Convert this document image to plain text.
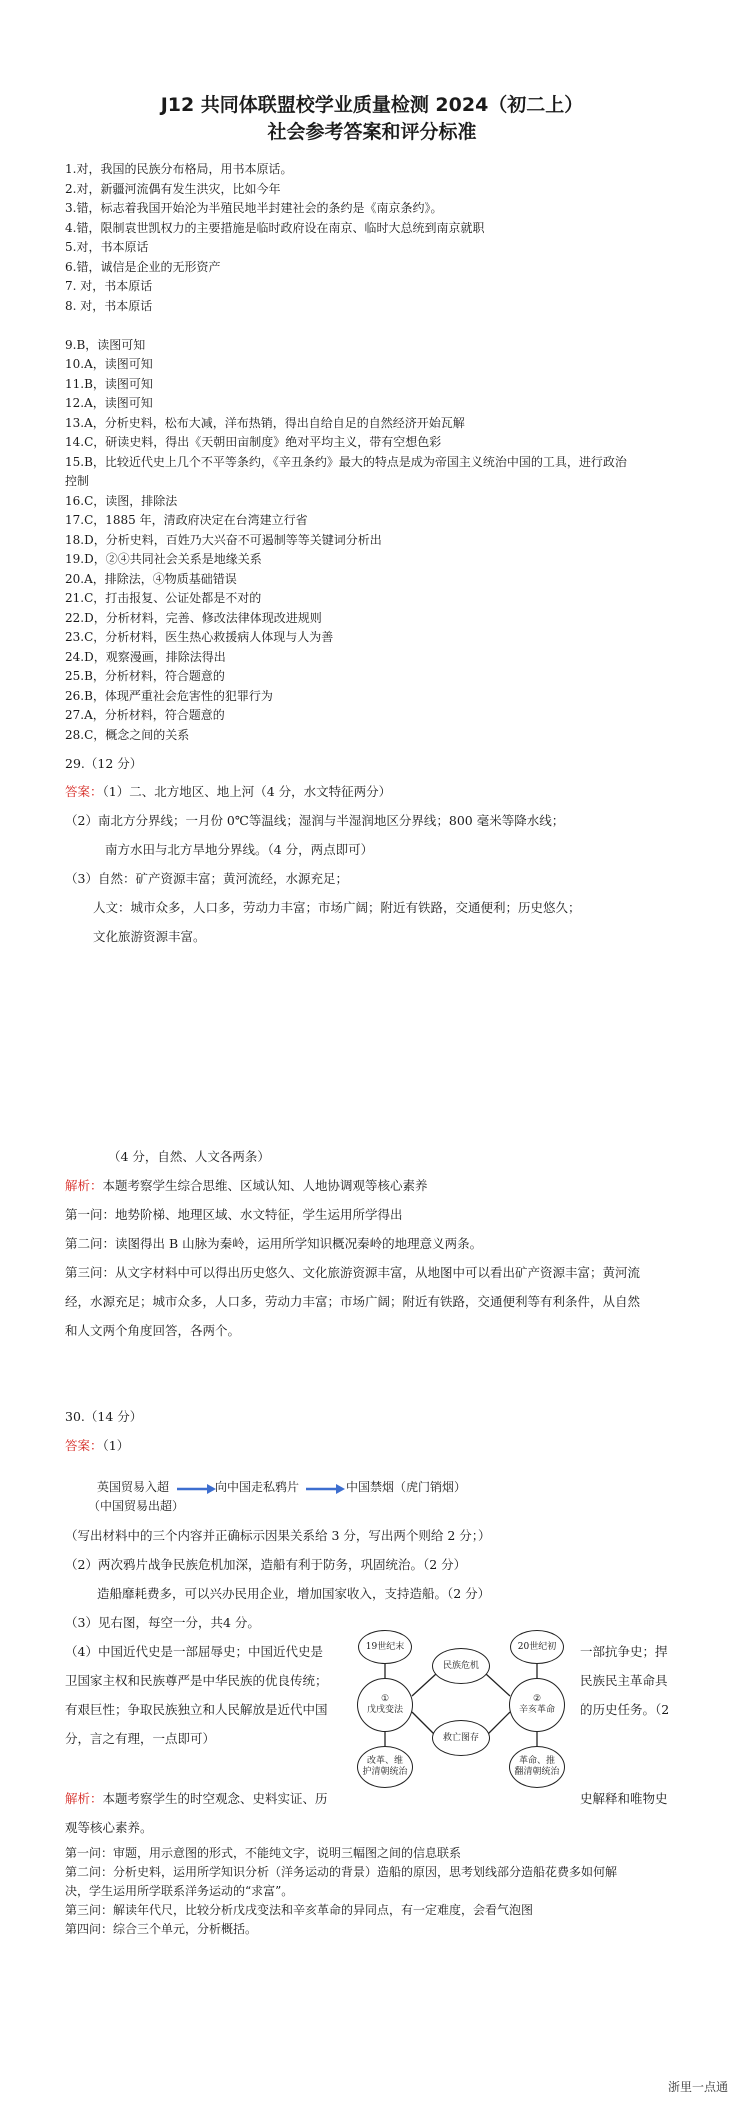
J12 共同体联盟校学业质量检测 2024（初二上）
社会参考答案和评分标准
1.对，我国的民族分布格局，用书本原话。
2.对，新疆河流偶有发生洪灾，比如今年
3.错，标志着我国开始沦为半殖民地半封建社会的条约是《南京条约》。
4.错，限制袁世凯权力的主要措施是临时政府设在南京、临时大总统到南京就职
5.对，书本原话
6.错，诚信是企业的无形资产
7. 对，书本原话
8. 对，书本原话
9.B，读图可知
10.A，读图可知
11.B，读图可知
12.A，读图可知
13.A，分析史料，松布大减，洋布热销，得出自给自足的自然经济开始瓦解
14.C，研读史料，得出《天朝田亩制度》绝对平均主义，带有空想色彩
15.B，比较近代史上几个不平等条约，《辛丑条约》最大的特点是成为帝国主义统治中国的工具，进行政治
控制
16.C，读图，排除法
17.C，1885 年，清政府决定在台湾建立行省
18.D，分析史料，百姓乃大兴奋不可遏制等等关键词分析出
19.D，②④共同社会关系是地缘关系
20.A，排除法，④物质基础错误
21.C，打击报复、公证处都是不对的
22.D，分析材料，完善、修改法律体现改进规则
23.C，分析材料，医生热心救援病人体现与人为善
24.D，观察漫画，排除法得出
25.B，分析材料，符合题意的
26.B，体现严重社会危害性的犯罪行为
27.A，分析材料，符合题意的
28.C，概念之间的关系
29.（12 分）
答案：（1）二、北方地区、地上河（4 分，水文特征两分）
（2）南北方分界线；一月份 0℃等温线；湿润与半湿润地区分界线；800 毫米等降水线；
南方水田与北方旱地分界线。（4 分，两点即可）
（3）自然：矿产资源丰富；黄河流经，水源充足；
人文：城市众多，人口多，劳动力丰富；市场广阔；附近有铁路，交通便利；历史悠久；
文化旅游资源丰富。
（4 分，自然、人文各两条）
解析：本题考察学生综合思维、区域认知、人地协调观等核心素养
第一问：地势阶梯、地理区域、水文特征，学生运用所学得出
第二问：读图得出 B 山脉为秦岭，运用所学知识概况秦岭的地理意义两条。
第三问：从文字材料中可以得出历史悠久、文化旅游资源丰富，从地图中可以看出矿产资源丰富；黄河流
经，水源充足；城市众多，人口多，劳动力丰富；市场广阔；附近有铁路，交通便利等有利条件，从自然
和人文两个角度回答，各两个。
30.（14 分）
答案：（1）
英国贸易入超
（中国贸易出超）
向中国走私鸦片	中国禁烟（虎门销烟）
（写出材料中的三个内容并正确标示因果关系给 3 分，写出两个则给 2 分；）
（2）两次鸦片战争民族危机加深，造船有利于防务，巩固统治。（2 分）
造船靡耗费多，可以兴办民用企业，增加国家收入，支持造船。（2 分）
（3）见右图，每空一分，共4 分。
（4）中国近代史是一部屈辱史；中国近代史是
卫国家主权和民族尊严是中华民族的优良传统；
有艰巨性；争取民族独立和人民解放是近代中国
分，言之有理，一点即可）
一部抗争史；捍
民族民主革命具
的历史任务。（2
19世纪末	20世纪初
民族危机
①
戊戌变法
②
辛亥革命
救亡图存
改革、维
护清朝统治
革命、推
翻清朝统治
解析：本题考察学生的时空观念、史料实证、历	史解释和唯物史
观等核心素养。
第一问：审题，用示意图的形式，不能纯文字，说明三幅图之间的信息联系
第二问：分析史料，运用所学知识分析（洋务运动的背景）造船的原因，思考划线部分造船花费多如何解
决，学生运用所学联系洋务运动的“求富”。
第三问：解读年代尺，比较分析戊戌变法和辛亥革命的异同点，有一定难度，会看气泡图
第四问：综合三个单元，分析概括。
浙里一点通
